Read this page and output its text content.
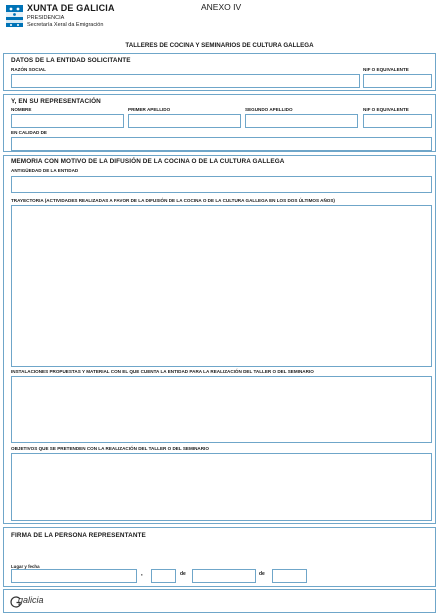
XUNTA DE GALICIA
PRESIDENCIA
Secretaría Xeral da Emigración
ANEXO IV
TALLERES DE COCINA Y SEMINARIOS DE CULTURA GALLEGA
DATOS DE LA ENTIDAD SOLICITANTE
RAZÓN SOCIAL	NIF O EQUIVALENTE
Y, EN SU REPRESENTACIÓN
NOMBRE	PRIMER APELLIDO	SEGUNDO APELLIDO	NIF O EQUIVALENTE
EN CALIDAD DE
MEMORIA CON MOTIVO DE LA DIFUSIÓN DE LA COCINA O DE LA CULTURA GALLEGA
ANTIGÜEDAD DE LA ENTIDAD
TRAYECTORIA (ACTIVIDADES REALIZADAS A FAVOR DE LA DIFUSIÓN DE LA COCINA O DE LA CULTURA GALLEGA EN LOS DOS ÚLTIMOS AÑOS)
INSTALACIONES PROPUESTAS Y MATERIAL CON EL QUE CUENTA LA ENTIDAD PARA LA REALIZACIÓN DEL TALLER O DEL SEMINARIO
OBJETIVOS QUE SE PRETENDEN CON LA REALIZACIÓN DEL TALLER O DEL SEMINARIO
FIRMA DE LA PERSONA REPRESENTANTE
Lugar y fecha
,	de	de
galicia
